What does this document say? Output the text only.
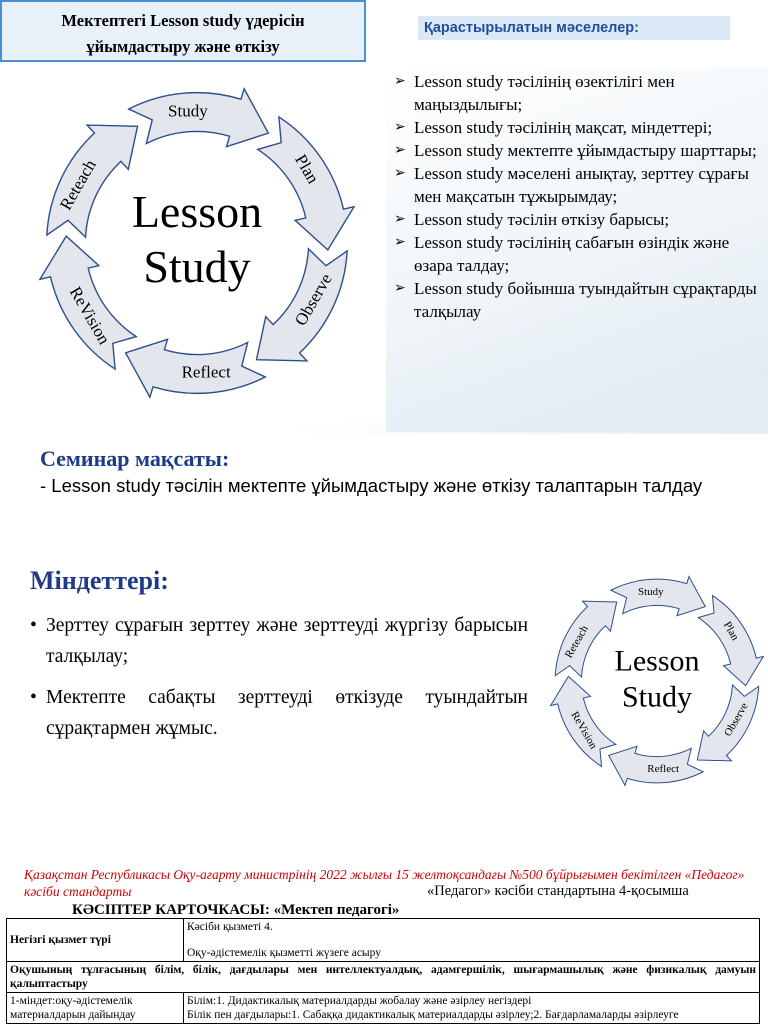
Мектептегі Lesson study үдерісін
ұйымдастыру және өткізу
Қарастырылатын мәселелер:
➢ Lesson study тәсілінің өзектілігі мен маңыздылығы;
➢ Lesson study тәсілінің мақсат, міндеттері;
➢ Lesson study мектепте ұйымдастыру шарттары;
➢ Lesson study мәселені анықтау, зерттеу сұрағы мен мақсатын тұжырымдау;
➢ Lesson study тәсілін өткізу барысы;
➢ Lesson study тәсілінің сабағын өзіндік және өзара талдау;
➢ Lesson study бойынша туындайтын сұрақтарды талқылау
Study
Plan
Observe
Reflect
ReVision
Reteach Lesson
Study
Семинар мақсаты:
- Lesson study тәсілін мектепте ұйымдастыру және өткізу талаптарын талдау
Міндеттері:
• Зерттеу сұрағын зерттеу және зерттеуді жүргізу барысын талқылау;
• Мектепте сабақты зерттеуді өткізуде туындайтын сұрақтармен жұмыс.
Study
Plan
Observe
Reflect
ReVision
Reteach
Lesson
Study
Қазақстан Республикасы Оқу-ағарту министрінің 2022 жылғы 15 желтоқсандағы №500 бұйрығымен бекітілген «Педагог» кәсіби стандарты	«Педагог» кәсіби стандартына 4-қосымша
КӘСІПТЕР КАРТОЧКАСЫ: «Мектеп педагогі»
Негізгі қызмет түрі	Кәсіби қызметі 4.
Оқу-әдістемелік қызметті жүзеге асыру

Оқушының тұлғасының білім, білік, дағдылары мен интеллектуалдық, адамгершілік, шығармашылық және физикалық дамуын қалыптастыру	
1-міндет:оқу-әдістемелік материалдарын дайындау	Білім:1. Дидактикалық материалдарды жобалау және әзірлеу негіздері
Білік пен дағдылары:1. Сабаққа дидактикалық материалдарды әзірлеу;2. Бағдарламаларды әзірлеуге
